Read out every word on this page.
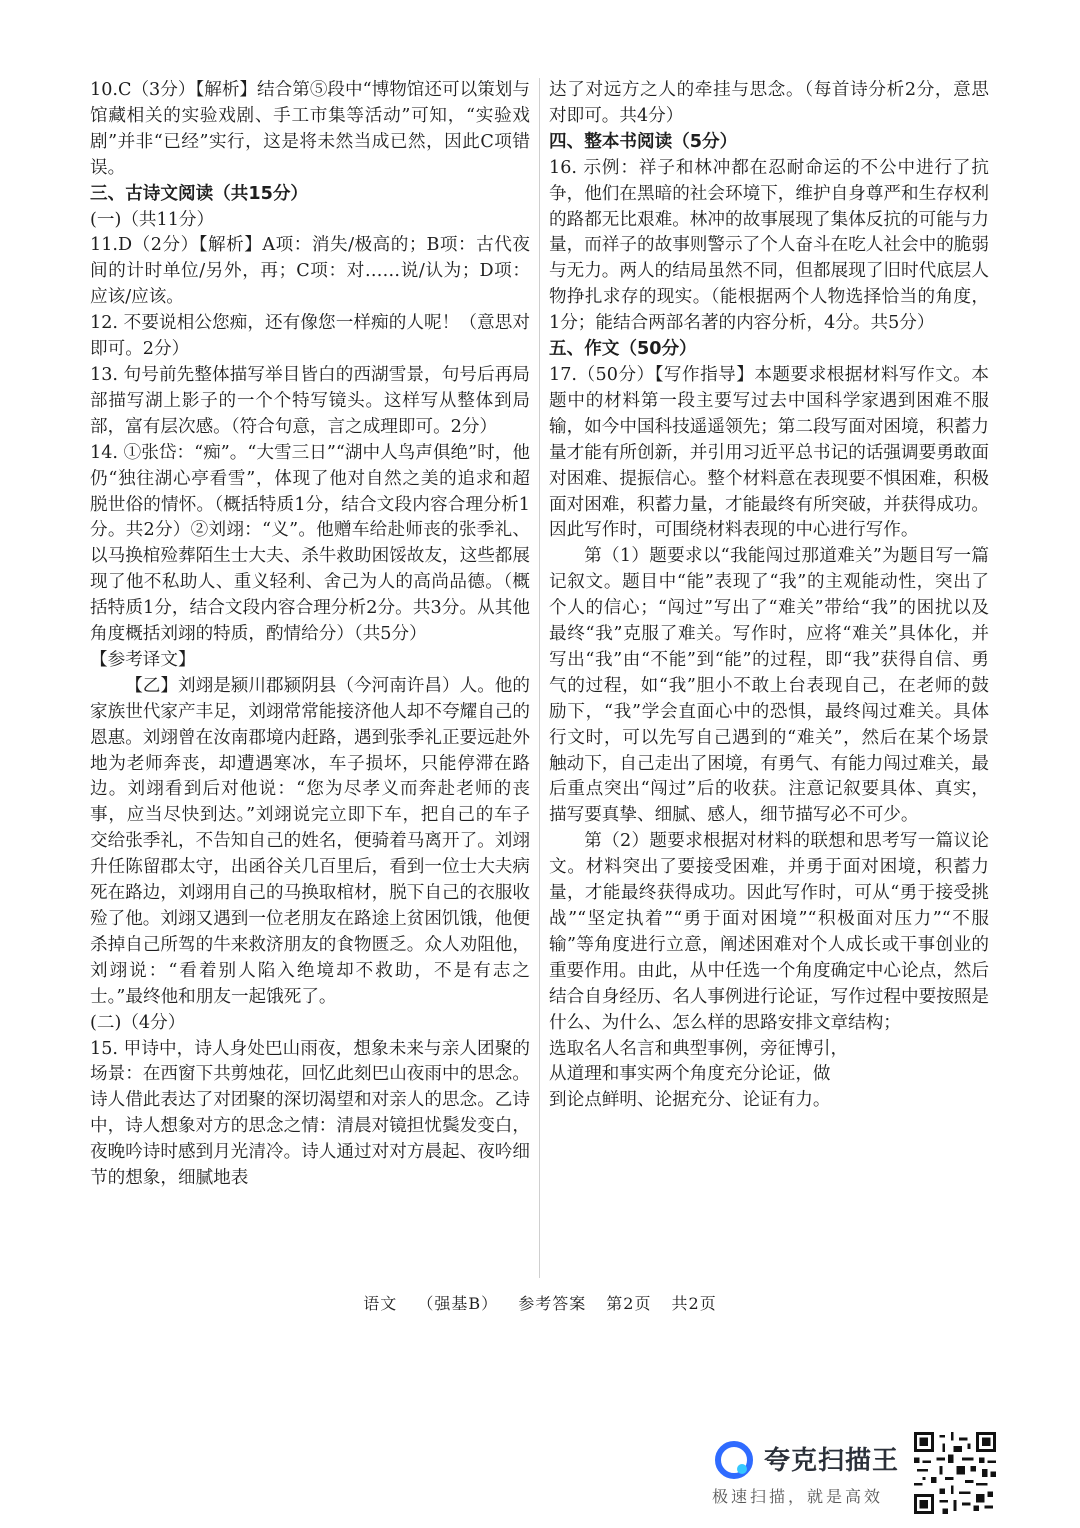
10.C（3分）【解析】结合第⑤段中“博物馆还可以策划与馆藏相关的实验戏剧、手工市集等活动”可知，“实验戏剧”并非“已经”实行，这是将未然当成已然，因此C项错误。

三、古诗文阅读（共15分）

(一)（共11分）

11.D（2分）【解析】A项：消失/极高的；B项：古代夜间的计时单位/另外，再；C项：对……说/认为；D项：应该/应该。

12. 不要说相公您痴，还有像您一样痴的人呢！（意思对即可。2分）

13. 句号前先整体描写举目皆白的西湖雪景，句号后再局部描写湖上影子的一个个特写镜头。这样写从整体到局部，富有层次感。（符合句意，言之成理即可。2分）

14. ①张岱：“痴”。“大雪三日”“湖中人鸟声俱绝”时，他仍“独往湖心亭看雪”，体现了他对自然之美的追求和超脱世俗的情怀。（概括特质1分，结合文段内容合理分析1分。共2分）②刘翊：“义”。他赠车给赴师丧的张季礼、以马换棺殓葬陌生士大夫、杀牛救助困馁故友，这些都展现了他不私助人、重义轻利、舍己为人的高尚品德。（概括特质1分，结合文段内容合理分析2分。共3分。从其他角度概括刘翊的特质，酌情给分）（共5分）

【参考译文】

【乙】刘翊是颍川郡颍阴县（今河南许昌）人。他的家族世代家产丰足，刘翊常常能接济他人却不夸耀自己的恩惠。刘翊曾在汝南郡境内赶路，遇到张季礼正要远赴外地为老师奔丧，却遭遇寒冰，车子损坏，只能停滞在路边。刘翊看到后对他说：“您为尽孝义而奔赴老师的丧事，应当尽快到达。”刘翊说完立即下车，把自己的车子交给张季礼，不告知自己的姓名，便骑着马离开了。刘翊升任陈留郡太守，出函谷关几百里后，看到一位士大夫病死在路边，刘翊用自己的马换取棺材，脱下自己的衣服收殓了他。刘翊又遇到一位老朋友在路途上贫困饥饿，他便杀掉自己所驾的牛来救济朋友的食物匮乏。众人劝阻他，刘翊说：“看着别人陷入绝境却不救助，不是有志之士。”最终他和朋友一起饿死了。

(二)（4分）

15. 甲诗中，诗人身处巴山雨夜，想象未来与亲人团聚的场景：在西窗下共剪烛花，回忆此刻巴山夜雨中的思念。诗人借此表达了对团聚的深切渴望和对亲人的思念。乙诗中，诗人想象对方的思念之情：清晨对镜担忧鬓发变白，夜晚吟诗时感到月光清冷。诗人通过对对方晨起、夜吟细节的想象，细腻地表

达了对远方之人的牵挂与思念。（每首诗分析2分，意思对即可。共4分）

四、整本书阅读（5分）

16. 示例：祥子和林冲都在忍耐命运的不公中进行了抗争，他们在黑暗的社会环境下，维护自身尊严和生存权利的路都无比艰难。林冲的故事展现了集体反抗的可能与力量，而祥子的故事则警示了个人奋斗在吃人社会中的脆弱与无力。两人的结局虽然不同，但都展现了旧时代底层人物挣扎求存的现实。（能根据两个人物选择恰当的角度，1分；能结合两部名著的内容分析，4分。共5分）

五、作文（50分）

17.（50分）【写作指导】本题要求根据材料写作文。本题中的材料第一段主要写过去中国科学家遇到困难不服输，如今中国科技遥遥领先；第二段写面对困境，积蓄力量才能有所创新，并引用习近平总书记的话强调要勇敢面对困难、提振信心。整个材料意在表现要不惧困难，积极面对困难，积蓄力量，才能最终有所突破，并获得成功。因此写作时，可围绕材料表现的中心进行写作。

第（1）题要求以“我能闯过那道难关”为题目写一篇记叙文。题目中“能”表现了“我”的主观能动性，突出了个人的信心；“闯过”写出了“难关”带给“我”的困扰以及最终“我”克服了难关。写作时，应将“难关”具体化，并写出“我”由“不能”到“能”的过程，即“我”获得自信、勇气的过程，如“我”胆小不敢上台表现自己，在老师的鼓励下，“我”学会直面心中的恐惧，最终闯过难关。具体行文时，可以先写自己遇到的“难关”，然后在某个场景触动下，自己走出了困境，有勇气、有能力闯过难关，最后重点突出“闯过”后的收获。注意记叙要具体、真实，描写要真挚、细腻、感人，细节描写必不可少。

第（2）题要求根据对材料的联想和思考写一篇议论文。材料突出了要接受困难，并勇于面对困境，积蓄力量，才能最终获得成功。因此写作时，可从“勇于接受挑战”“坚定执着”“勇于面对困境”“积极面对压力”“不服输”等角度进行立意，阐述困难对个人成长或干事创业的重要作用。由此，从中任选一个角度确定中心论点，然后结合自身经历、名人事例进行论证，写作过程中要按照是什么、为什么、怎么样的思路安排文章结构；

选取名人名言和典型事例，旁征博引，

从道理和事实两个角度充分论证，做

到论点鲜明、论据充分、论证有力。

语文 （强基B） 参考答案 第2页 共2页
夸克扫描王
极速扫描，就是高效
